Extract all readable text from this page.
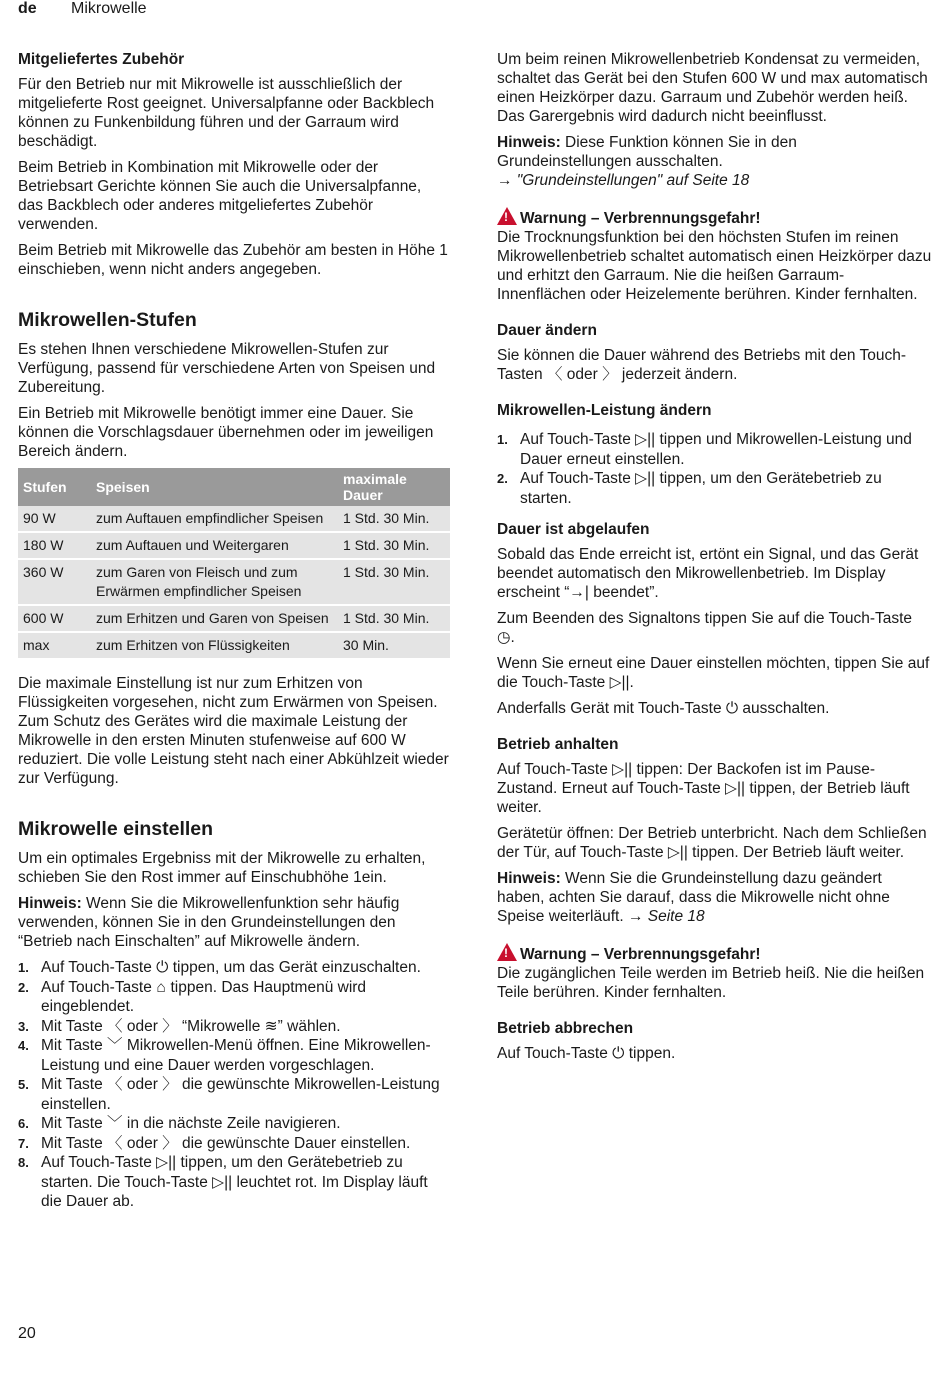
de Mikrowelle
Mitgeliefertes Zubehör

Für den Betrieb nur mit Mikrowelle ist ausschließlich der mitgelieferte Rost geeignet. Universalpfanne oder Backblech können zu Funkenbildung führen und der Garraum wird beschädigt.

Beim Betrieb in Kombination mit Mikrowelle oder der Betriebsart Gerichte können Sie auch die Universalpfanne, das Backblech oder anderes mitgeliefertes Zubehör verwenden.

Beim Betrieb mit Mikrowelle das Zubehör am besten in Höhe 1 einschieben, wenn nicht anders angegeben.

Mikrowellen-Stufen

Es stehen Ihnen verschiedene Mikrowellen-Stufen zur Verfügung, passend für verschiedene Arten von Speisen und Zubereitung.

Ein Betrieb mit Mikrowelle benötigt immer eine Dauer. Sie können die Vorschlagsdauer übernehmen oder im jeweiligen Bereich ändern.

Stufen	Speisen	maximale Dauer
90 W	zum Auftauen empfindlicher Speisen	1 Std. 30 Min.
180 W	zum Auftauen und Weitergaren	1 Std. 30 Min.
360 W	zum Garen von Fleisch und zum Erwärmen empfindlicher Speisen	1 Std. 30 Min.
600 W	zum Erhitzen und Garen von Speisen	1 Std. 30 Min.
max	zum Erhitzen von Flüssigkeiten	30 Min.

Die maximale Einstellung ist nur zum Erhitzen von Flüssigkeiten vorgesehen, nicht zum Erwärmen von Speisen. Zum Schutz des Gerätes wird die maximale Leistung der Mikrowelle in den ersten Minuten stufenweise auf 600 W reduziert. Die volle Leistung steht nach einer Abkühlzeit wieder zur Verfügung.

Mikrowelle einstellen

Um ein optimales Ergebniss mit der Mikrowelle zu erhalten, schieben Sie den Rost immer auf Einschubhöhe 1ein.

Hinweis: Wenn Sie die Mikrowellenfunktion sehr häufig verwenden, können Sie in den Grundeinstellungen den “Betrieb nach Einschalten” auf Mikrowelle ändern.

1. Auf Touch-Taste ⏻ tippen, um das Gerät einzuschalten.
2. Auf Touch-Taste ⌂ tippen. Das Hauptmenü wird eingeblendet.
3. Mit Taste 〈 oder 〉 “Mikrowelle ≋” wählen.
4. Mit Taste ﹀ Mikrowellen-Menü öffnen. Eine Mikrowellen-Leistung und eine Dauer werden vorgeschlagen.
5. Mit Taste 〈 oder 〉 die gewünschte Mikrowellen-Leistung einstellen.
6. Mit Taste ﹀ in die nächste Zeile navigieren.
7. Mit Taste 〈 oder 〉 die gewünschte Dauer einstellen.
8. Auf Touch-Taste ▷|| tippen, um den Gerätebetrieb zu starten. Die Touch-Taste ▷|| leuchtet rot. Im Display läuft die Dauer ab.

Um beim reinen Mikrowellenbetrieb Kondensat zu vermeiden, schaltet das Gerät bei den Stufen 600 W und max automatisch einen Heizkörper dazu. Garraum und Zubehör werden heiß. Das Garergebnis wird dadurch nicht beeinflusst.

Hinweis: Diese Funktion können Sie in den Grundeinstellungen ausschalten.
→ "Grundeinstellungen" auf Seite 18

! Warnung – Verbrennungsgefahr!

Die Trocknungsfunktion bei den höchsten Stufen im reinen Mikrowellenbetrieb schaltet automatisch einen Heizkörper dazu und erhitzt den Garraum. Nie die heißen Garraum-Innenflächen oder Heizelemente berühren. Kinder fernhalten.

Dauer ändern

Sie können die Dauer während des Betriebs mit den Touch-Tasten 〈 oder 〉 jederzeit ändern.

Mikrowellen-Leistung ändern
1. Auf Touch-Taste ▷|| tippen und Mikrowellen-Leistung und Dauer erneut einstellen.
2. Auf Touch-Taste ▷|| tippen, um den Gerätebetrieb zu starten.
Dauer ist abgelaufen

Sobald das Ende erreicht ist, ertönt ein Signal, und das Gerät beendet automatisch den Mikrowellenbetrieb. Im Display erscheint “→| beendet”.

Zum Beenden des Signaltons tippen Sie auf die Touch-Taste ◷.

Wenn Sie erneut eine Dauer einstellen möchten, tippen Sie auf die Touch-Taste ▷||.

Anderfalls Gerät mit Touch-Taste ⏻ ausschalten.

Betrieb anhalten

Auf Touch-Taste ▷|| tippen: Der Backofen ist im Pause-Zustand. Erneut auf Touch-Taste ▷|| tippen, der Betrieb läuft weiter.

Gerätetür öffnen: Der Betrieb unterbricht. Nach dem Schließen der Tür, auf Touch-Taste ▷|| tippen. Der Betrieb läuft weiter.

Hinweis: Wenn Sie die Grundeinstellung dazu geändert haben, achten Sie darauf, dass die Mikrowelle nicht ohne Speise weiterläuft. → Seite 18

! Warnung – Verbrennungsgefahr!

Die zugänglichen Teile werden im Betrieb heiß. Nie die heißen Teile berühren. Kinder fernhalten.

Betrieb abbrechen

Auf Touch-Taste ⏻ tippen.

20
